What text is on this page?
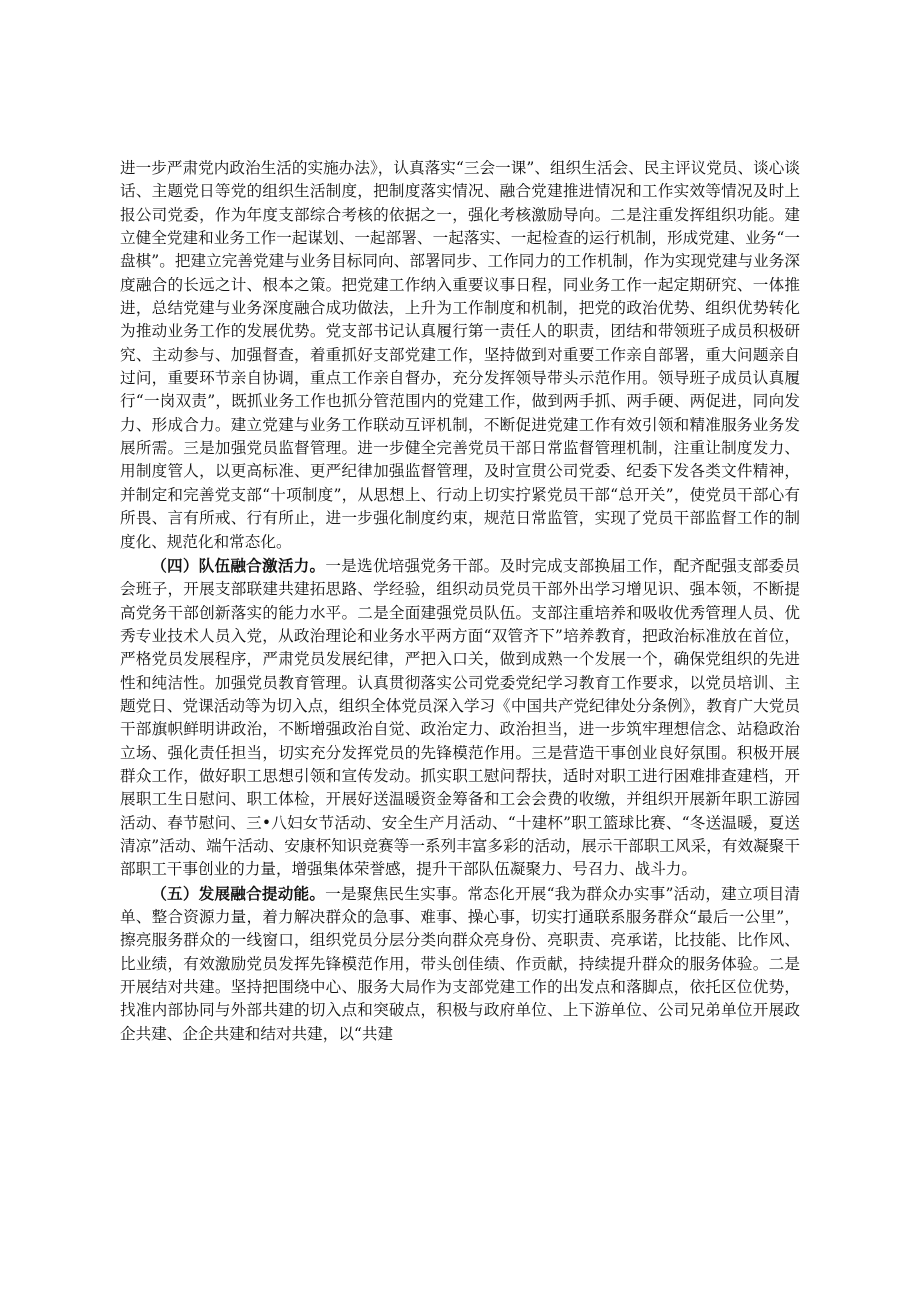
进一步严肃党内政治生活的实施办法》，认真落实“三会一课”、组织生活会、民主评议党员、谈心谈话、主题党日等党的组织生活制度，把制度落实情况、融合党建推进情况和工作实效等情况及时上报公司党委，作为年度支部综合考核的依据之一，强化考核激励导向。二是注重发挥组织功能。建立健全党建和业务工作一起谋划、一起部署、一起落实、一起检查的运行机制，形成党建、业务“一盘棋”。把建立完善党建与业务目标同向、部署同步、工作同力的工作机制，作为实现党建与业务深度融合的长远之计、根本之策。把党建工作纳入重要议事日程，同业务工作一起定期研究、一体推进，总结党建与业务深度融合成功做法，上升为工作制度和机制，把党的政治优势、组织优势转化为推动业务工作的发展优势。党支部书记认真履行第一责任人的职责，团结和带领班子成员积极研究、主动参与、加强督查，着重抓好支部党建工作，坚持做到对重要工作亲自部署，重大问题亲自过问，重要环节亲自协调，重点工作亲自督办，充分发挥领导带头示范作用。领导班子成员认真履行“一岗双责”，既抓业务工作也抓分管范围内的党建工作，做到两手抓、两手硬、两促进，同向发力、形成合力。建立党建与业务工作联动互评机制，不断促进党建工作有效引领和精准服务业务发展所需。三是加强党员监督管理。进一步健全完善党员干部日常监督管理机制，注重让制度发力、用制度管人，以更高标准、更严纪律加强监督管理，及时宣贯公司党委、纪委下发各类文件精神，并制定和完善党支部“十项制度”，从思想上、行动上切实拧紧党员干部“总开关”，使党员干部心有所畏、言有所戒、行有所止，进一步强化制度约束，规范日常监管，实现了党员干部监督工作的制度化、规范化和常态化。

（四）队伍融合激活力。一是选优培强党务干部。及时完成支部换届工作，配齐配强支部委员会班子，开展支部联建共建拓思路、学经验，组织动员党员干部外出学习增见识、强本领，不断提高党务干部创新落实的能力水平。二是全面建强党员队伍。支部注重培养和吸收优秀管理人员、优秀专业技术人员入党，从政治理论和业务水平两方面“双管齐下”培养教育，把政治标准放在首位，严格党员发展程序，严肃党员发展纪律，严把入口关，做到成熟一个发展一个，确保党组织的先进性和纯洁性。加强党员教育管理。认真贯彻落实公司党委党纪学习教育工作要求，以党员培训、主题党日、党课活动等为切入点，组织全体党员深入学习《中国共产党纪律处分条例》，教育广大党员干部旗帜鲜明讲政治，不断增强政治自觉、政治定力、政治担当，进一步筑牢理想信念、站稳政治立场、强化责任担当，切实充分发挥党员的先锋模范作用。三是营造干事创业良好氛围。积极开展群众工作，做好职工思想引领和宣传发动。抓实职工慰问帮扶，适时对职工进行困难排查建档，开展职工生日慰问、职工体检，开展好送温暖资金筹备和工会会费的收缴，并组织开展新年职工游园活动、春节慰问、三•八妇女节活动、安全生产月活动、“十建杯”职工篮球比赛、“冬送温暖，夏送清凉”活动、端午活动、安康杯知识竞赛等一系列丰富多彩的活动，展示干部职工风采，有效凝聚干部职工干事创业的力量，增强集体荣誉感，提升干部队伍凝聚力、号召力、战斗力。

（五）发展融合提动能。一是聚焦民生实事。常态化开展“我为群众办实事”活动，建立项目清单、整合资源力量，着力解决群众的急事、难事、操心事，切实打通联系服务群众“最后一公里”，擦亮服务群众的一线窗口，组织党员分层分类向群众亮身份、亮职责、亮承诺，比技能、比作风、比业绩，有效激励党员发挥先锋模范作用，带头创佳绩、作贡献，持续提升群众的服务体验。二是开展结对共建。坚持把围绕中心、服务大局作为支部党建工作的出发点和落脚点，依托区位优势，找准内部协同与外部共建的切入点和突破点，积极与政府单位、上下游单位、公司兄弟单位开展政企共建、企企共建和结对共建，以“共建
